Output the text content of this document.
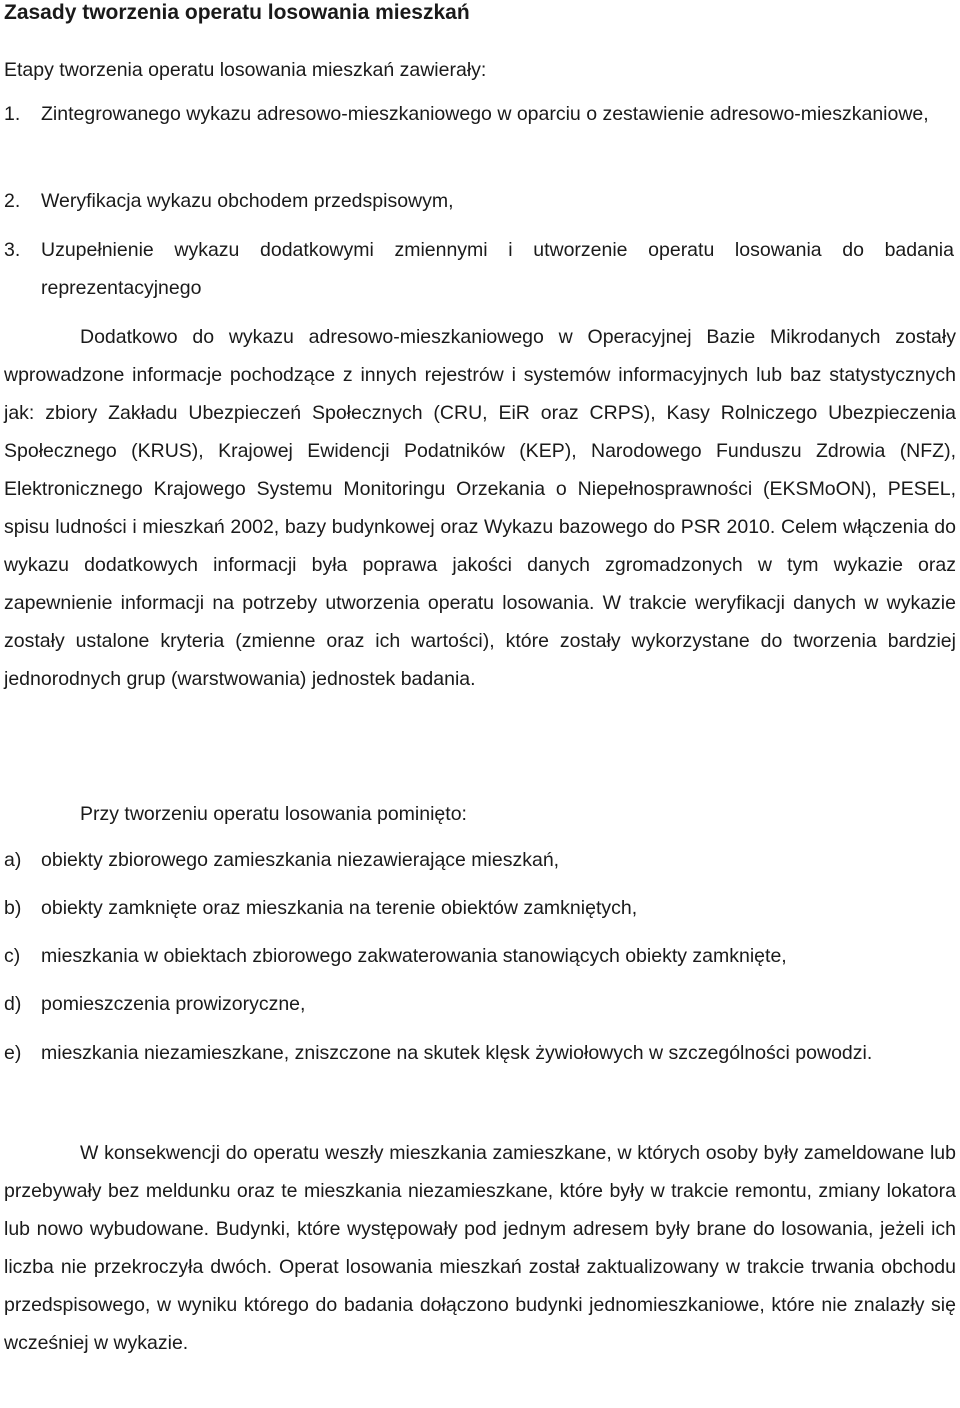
Zasady tworzenia operatu losowania mieszkań

Etapy tworzenia operatu losowania mieszkań zawierały:

1. Zintegrowanego wykazu adresowo-mieszkaniowego w oparciu o zestawienie adresowo-mieszkaniowe,
2. Weryfikacja wykazu obchodem przedspisowym,
3. Uzupełnienie wykazu dodatkowymi zmiennymi i utworzenie operatu losowania do badania reprezentacyjnego

Dodatkowo do wykazu adresowo-mieszkaniowego w Operacyjnej Bazie Mikrodanych zostały wprowadzone informacje pochodzące z innych rejestrów i systemów informacyjnych lub baz statystycznych jak: zbiory Zakładu Ubezpieczeń Społecznych (CRU, EiR oraz CRPS), Kasy Rolniczego Ubezpieczenia Społecznego (KRUS), Krajowej Ewidencji Podatników (KEP), Narodowego Funduszu Zdrowia (NFZ), Elektronicznego Krajowego Systemu Monitoringu Orzekania o Niepełnosprawności (EKSMoON), PESEL, spisu ludności i mieszkań 2002, bazy budynkowej oraz Wykazu bazowego do PSR 2010. Celem włączenia do wykazu dodatkowych informacji była poprawa jakości danych zgromadzonych w tym wykazie oraz zapewnienie informacji na potrzeby utworzenia operatu losowania. W trakcie weryfikacji danych w wykazie zostały ustalone kryteria (zmienne oraz ich wartości), które zostały wykorzystane do tworzenia bardziej jednorodnych grup (warstwowania) jednostek badania.

Przy tworzeniu operatu losowania pominięto:

a) obiekty zbiorowego zamieszkania niezawierające mieszkań,
b) obiekty zamknięte oraz mieszkania na terenie obiektów zamkniętych,
c) mieszkania w obiektach zbiorowego zakwaterowania stanowiących obiekty zamknięte,
d) pomieszczenia prowizoryczne,
e) mieszkania niezamieszkane, zniszczone na skutek klęsk żywiołowych w szczególności powodzi.

W konsekwencji do operatu weszły mieszkania zamieszkane, w których osoby były zameldowane lub przebywały bez meldunku oraz te mieszkania niezamieszkane, które były w trakcie remontu, zmiany lokatora lub nowo wybudowane. Budynki, które występowały pod jednym adresem były brane do losowania, jeżeli ich liczba nie przekroczyła dwóch. Operat losowania mieszkań został zaktualizowany w trakcie trwania obchodu przedspisowego, w wyniku którego do badania dołączono budynki jednomieszkaniowe, które nie znalazły się wcześniej w wykazie.
